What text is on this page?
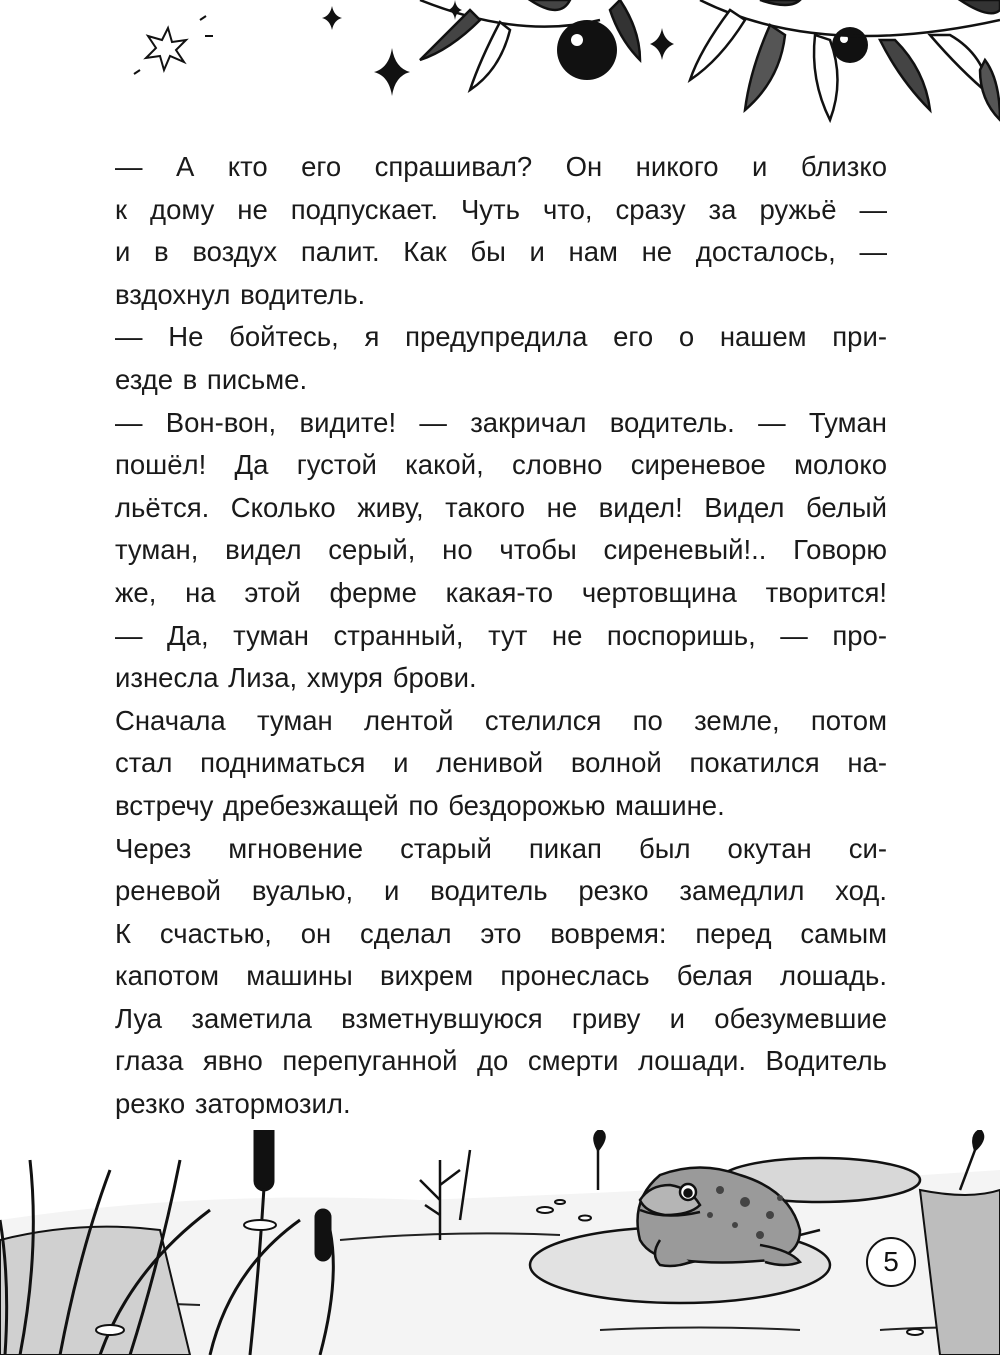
— А кто его спрашивал? Он никого и близко
к дому не подпускает. Чуть что, сразу за ружьё —
и в воздух палит. Как бы и нам не досталось, —
вздохнул водитель.
— Не бойтесь, я предупредила его о нашем при-
езде в письме.
— Вон-вон, видите! — закричал водитель. — Туман
пошёл! Да густой какой, словно сиреневое молоко
льётся. Сколько живу, такого не видел! Видел белый
туман, видел серый, но чтобы сиреневый!.. Говорю
же, на этой ферме какая-то чертовщина творится!
— Да, туман странный, тут не поспоришь, — про-
изнесла Лиза, хмуря брови.
Сначала туман лентой стелился по земле, потом
стал подниматься и ленивой волной покатился на-
встречу дребезжащей по бездорожью машине.
Через мгновение старый пикап был окутан си-
реневой вуалью, и водитель резко замедлил ход.
К счастью, он сделал это вовремя: перед самым
капотом машины вихрем пронеслась белая лошадь.
Луа заметила взметнувшуюся гриву и обезумевшие
глаза явно перепуганной до смерти лошади. Водитель
резко затормозил.
5
